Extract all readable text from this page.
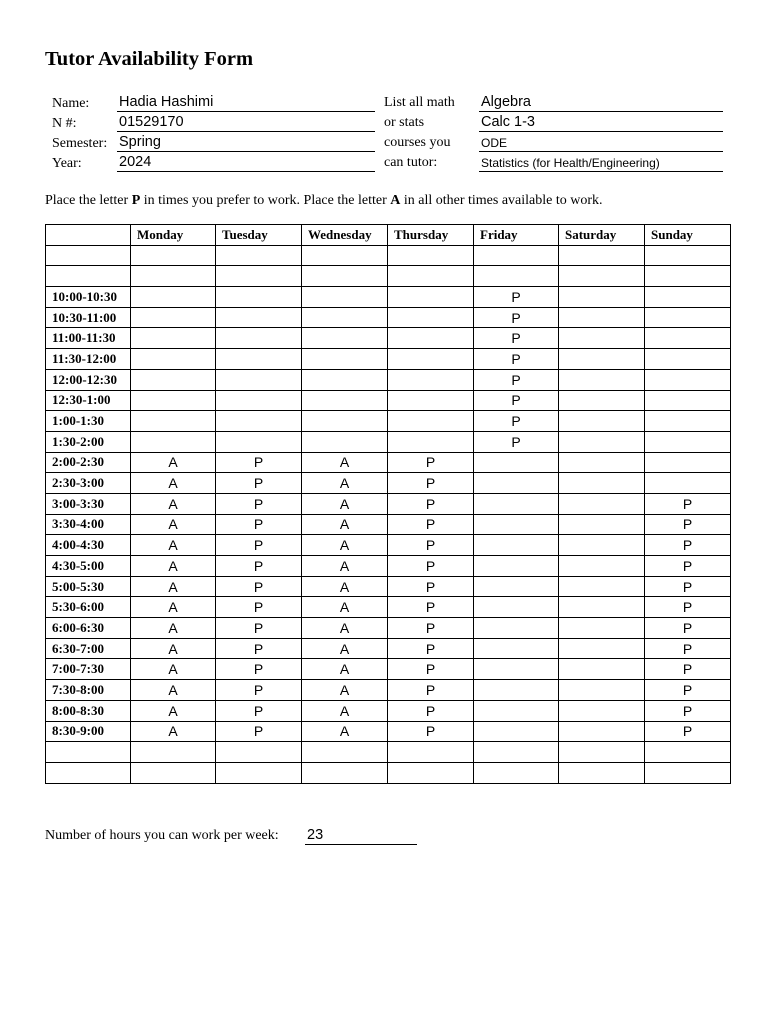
Tutor Availability Form
Name: Hadia Hashimi
N #:	01529170
Semester: Spring
Year:	2024
List all math
or stats
courses you
can tutor:
Algebra
Calc 1-3
ODE
Statistics (for Health/Engineering)
Place the letter P in times you prefer to work. Place the letter A in all other times available to work.
	Monday	Tuesday	Wednesday	Thursday	Friday	Saturday	Sunday

10:00-10:30					P		
10:30-11:00					P		
11:00-11:30					P		
11:30-12:00					P		
12:00-12:30					P		
12:30-1:00					P		
1:00-1:30					P		
1:30-2:00					P		
2:00-2:30	A	P	A	P			
2:30-3:00	A	P	A	P			
3:00-3:30	A	P	A	P			P
3:30-4:00	A	P	A	P			P
4:00-4:30	A	P	A	P			P
4:30-5:00	A	P	A	P			P
5:00-5:30	A	P	A	P			P
5:30-6:00	A	P	A	P			P
6:00-6:30	A	P	A	P			P
6:30-7:00	A	P	A	P			P
7:00-7:30	A	P	A	P			P
7:30-8:00	A	P	A	P			P
8:00-8:30	A	P	A	P			P
8:30-9:00	A	P	A	P			P

Number of hours you can work per week: 23
